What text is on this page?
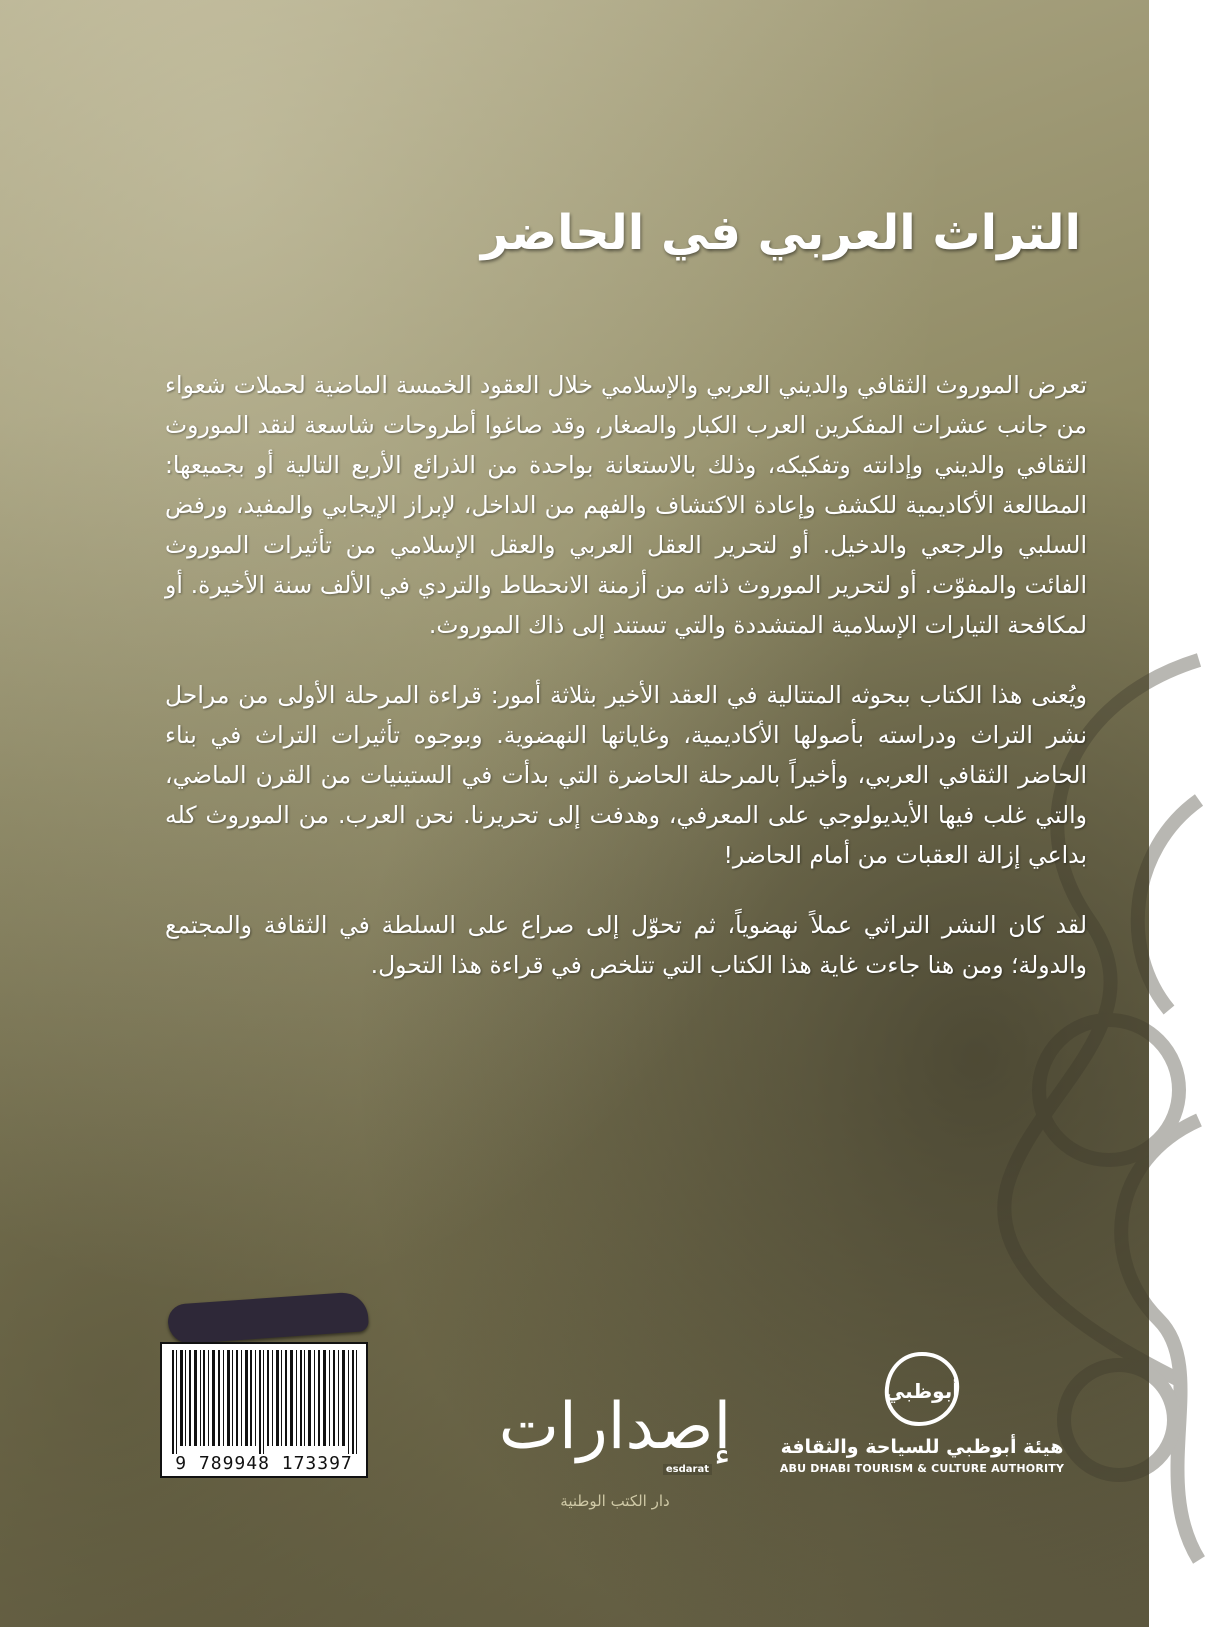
التراث العربي في الحاضر

تعرض الموروث الثقافي والديني العربي والإسلامي خلال العقود الخمسة الماضية لحملات شعواء من جانب عشرات المفكرين العرب الكبار والصغار، وقد صاغوا أطروحات شاسعة لنقد الموروث الثقافي والديني وإدانته وتفكيكه، وذلك بالاستعانة بواحدة من الذرائع الأربع التالية أو بجميعها: المطالعة الأكاديمية للكشف وإعادة الاكتشاف والفهم من الداخل، لإبراز الإيجابي والمفيد، ورفض السلبي والرجعي والدخيل. أو لتحرير العقل العربي والعقل الإسلامي من تأثيرات الموروث الفائت والمفوّت. أو لتحرير الموروث ذاته من أزمنة الانحطاط والتردي في الألف سنة الأخيرة. أو لمكافحة التيارات الإسلامية المتشددة والتي تستند إلى ذاك الموروث.

ويُعنى هذا الكتاب ببحوثه المتتالية في العقد الأخير بثلاثة أمور: قراءة المرحلة الأولى من مراحل نشر التراث ودراسته بأصولها الأكاديمية، وغاياتها النهضوية. وبوجوه تأثيرات التراث في بناء الحاضر الثقافي العربي، وأخيراً بالمرحلة الحاضرة التي بدأت في الستينيات من القرن الماضي، والتي غلب فيها الأيديولوجي على المعرفي، وهدفت إلى تحريرنا. نحن العرب. من الموروث كله بداعي إزالة العقبات من أمام الحاضر!

لقد كان النشر التراثي عملاً نهضوياً، ثم تحوّل إلى صراع على السلطة في الثقافة والمجتمع والدولة؛ ومن هنا جاءت غاية هذا الكتاب التي تتلخص في قراءة هذا التحول.

9 789948 173397 إصدارات
esdarat
دار الكتب الوطنية
أبوظبي
هيئة أبوظبي للسياحة والثقافة
ABU DHABI TOURISM & CULTURE AUTHORITY
